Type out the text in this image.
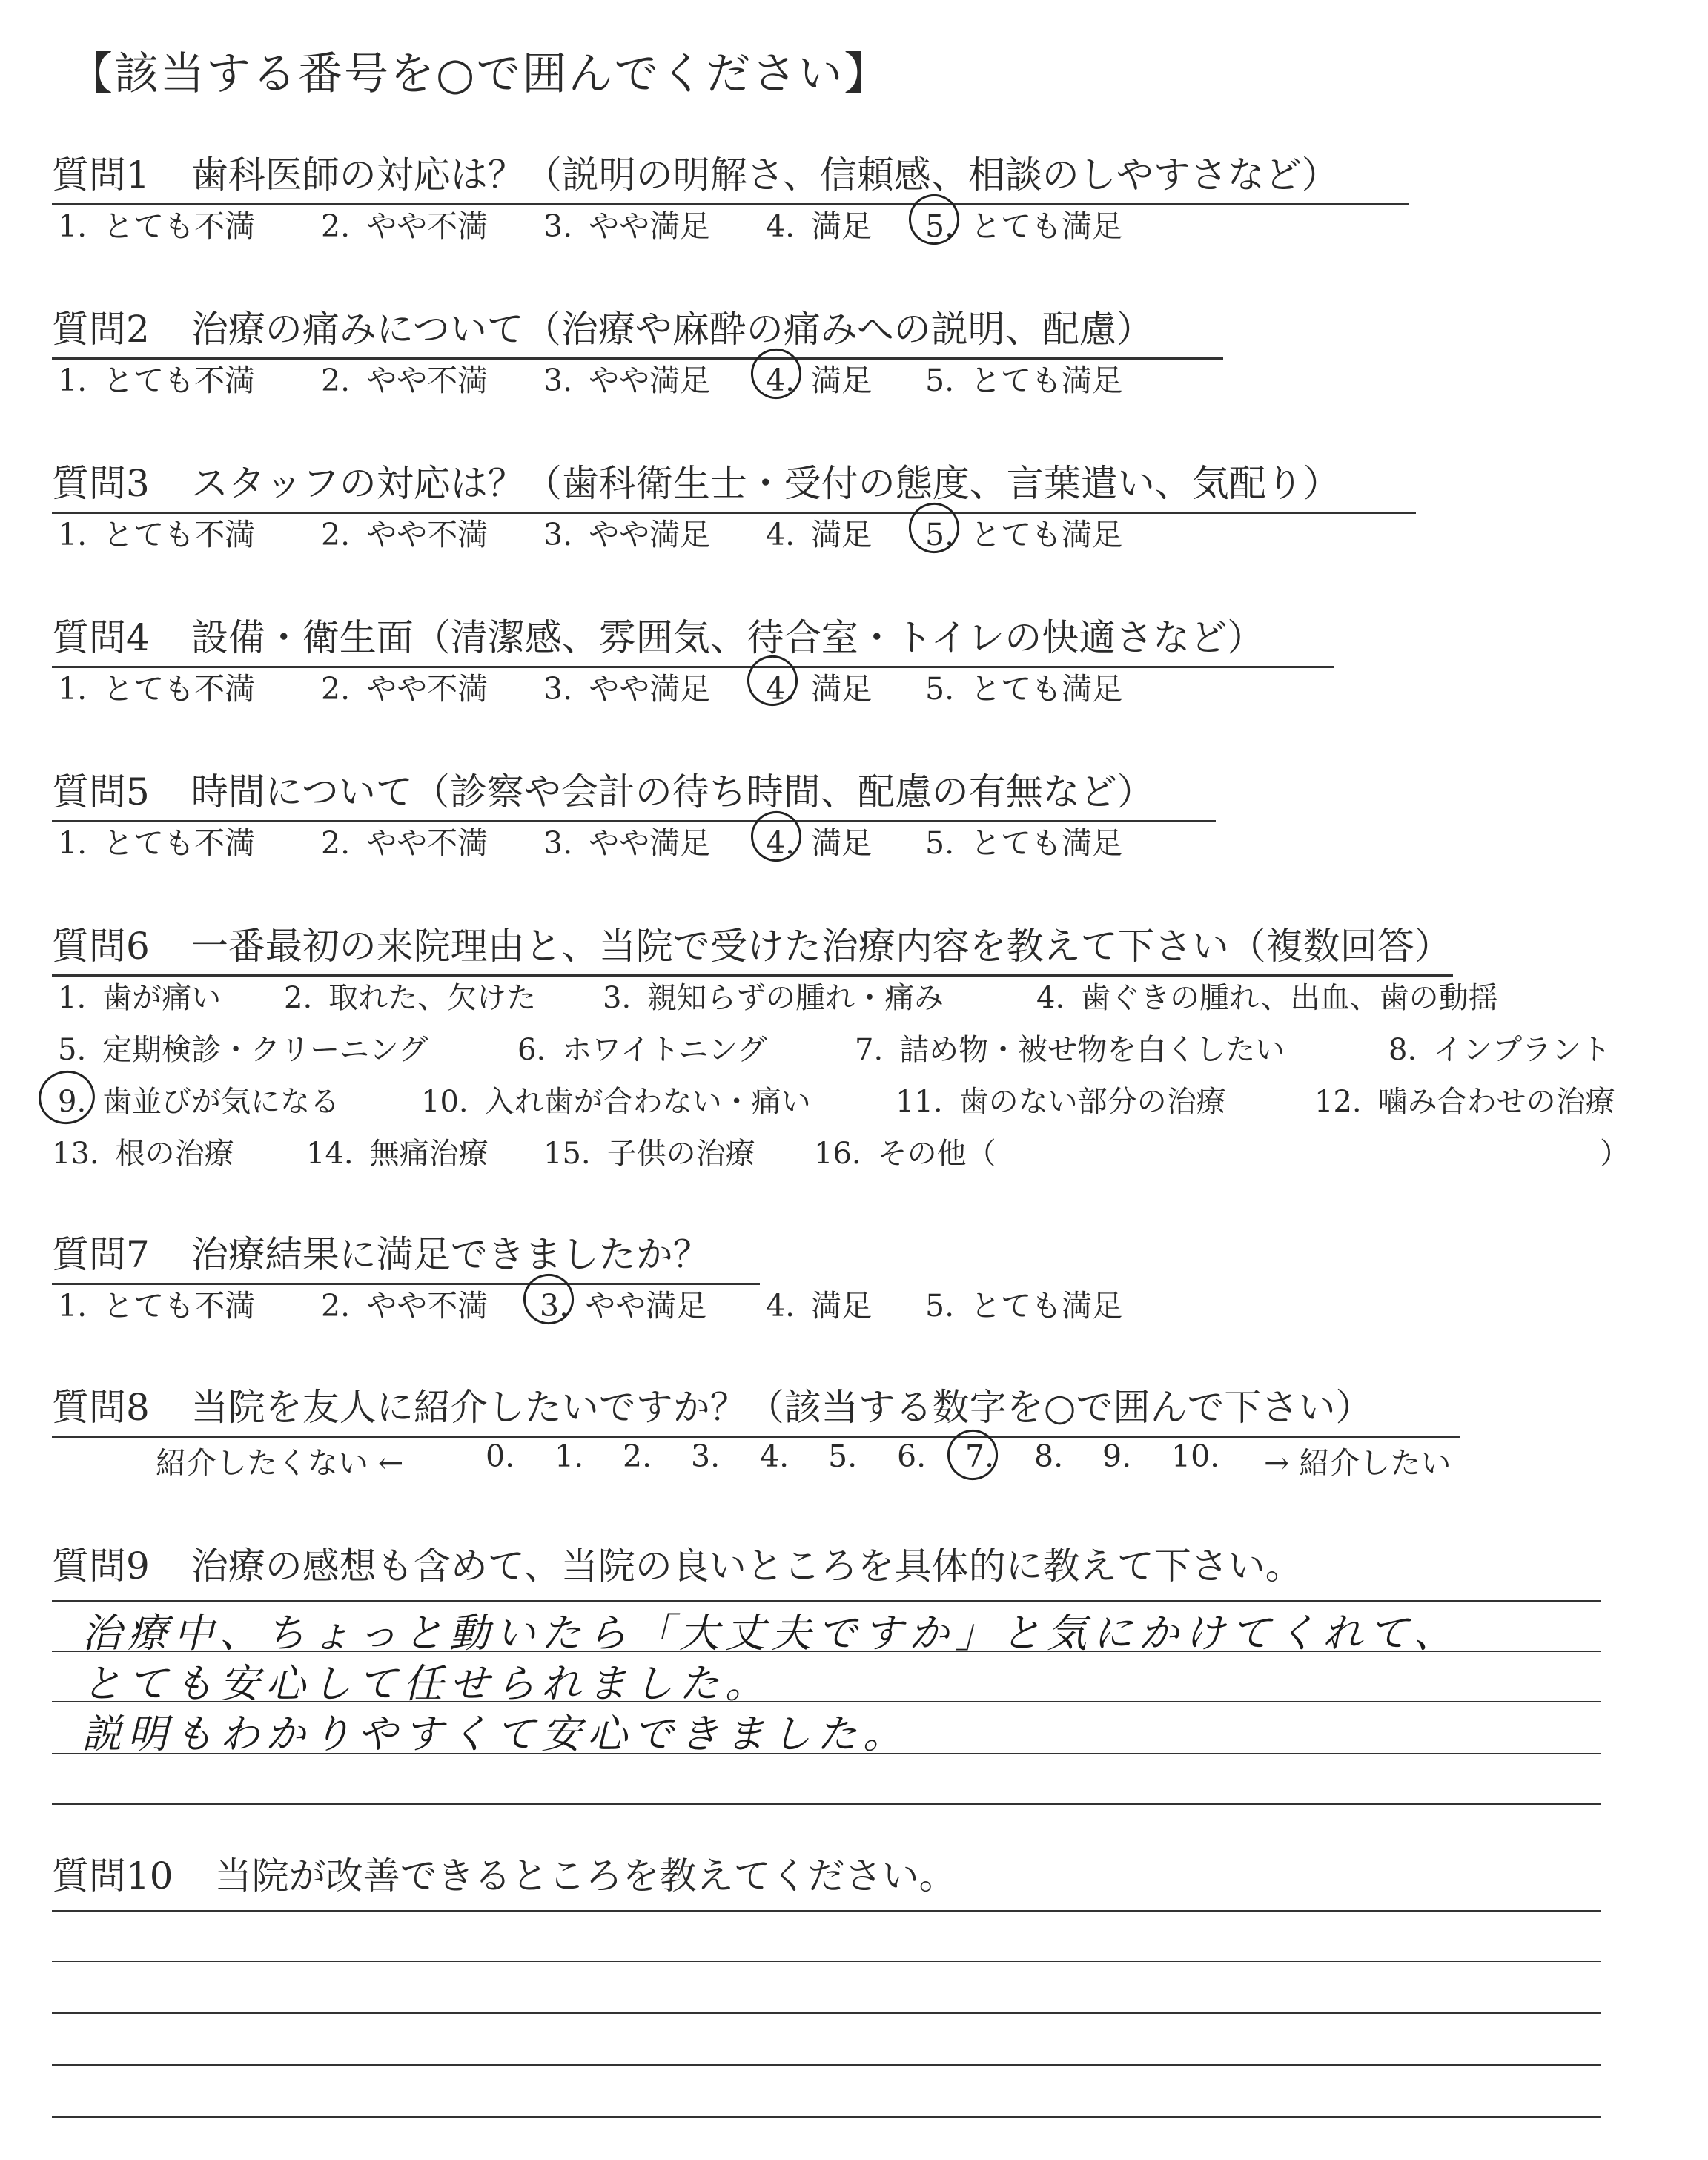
【該当する番号を○で囲んでください】
質問1 歯科医師の対応は？（説明の明解さ、信頼感、相談のしやすさなど）
1. とても不満 2. やや不満 3. やや満足 4. 満足 5. とても満足
質問2 治療の痛みについて（治療や麻酔の痛みへの説明、配慮）
1. とても不満 2. やや不満 3. やや満足 4. 満足 5. とても満足
質問3 スタッフの対応は？（歯科衛生士・受付の態度、言葉遣い、気配り）
1. とても不満 2. やや不満 3. やや満足 4. 満足 5. とても満足
質問4 設備・衛生面（清潔感、雰囲気、待合室・トイレの快適さなど）
1. とても不満 2. やや不満 3. やや満足 4. 満足 5. とても満足
質問5 時間について（診察や会計の待ち時間、配慮の有無など）
1. とても不満 2. やや不満 3. やや満足 4. 満足 5. とても満足
質問6 一番最初の来院理由と、当院で受けた治療内容を教えて下さい（複数回答）
1. 歯が痛い 2. 取れた、欠けた 3. 親知らずの腫れ・痛み	4. 歯ぐきの腫れ、出血、歯の動揺
5. 定期検診・クリーニング	6. ホワイトニング	7. 詰め物・被せ物を白くしたい	8. インプラント
9. 歯並びが気になる	10. 入れ歯が合わない・痛い	11. 歯のない部分の治療	12. 噛み合わせの治療
13. 根の治療 14. 無痛治療 15. 子供の治療 16. その他（	）
質問7 治療結果に満足できましたか？
1. とても不満 2. やや不満 3. やや満足 4. 満足 5. とても満足
質問8 当院を友人に紹介したいですか？（該当する数字を○で囲んで下さい）
紹介したくない ←	0. 1. 2. 3. 4. 5. 6. 7. 8. 9. 10. → 紹介したい
質問9 治療の感想も含めて、当院の良いところを具体的に教えて下さい。
治療中、ちょっと動いたら「大丈夫ですか」と気にかけてくれて、
とても安心して任せられました。
説明もわかりやすくて安心できました。
質問10 当院が改善できるところを教えてください。
